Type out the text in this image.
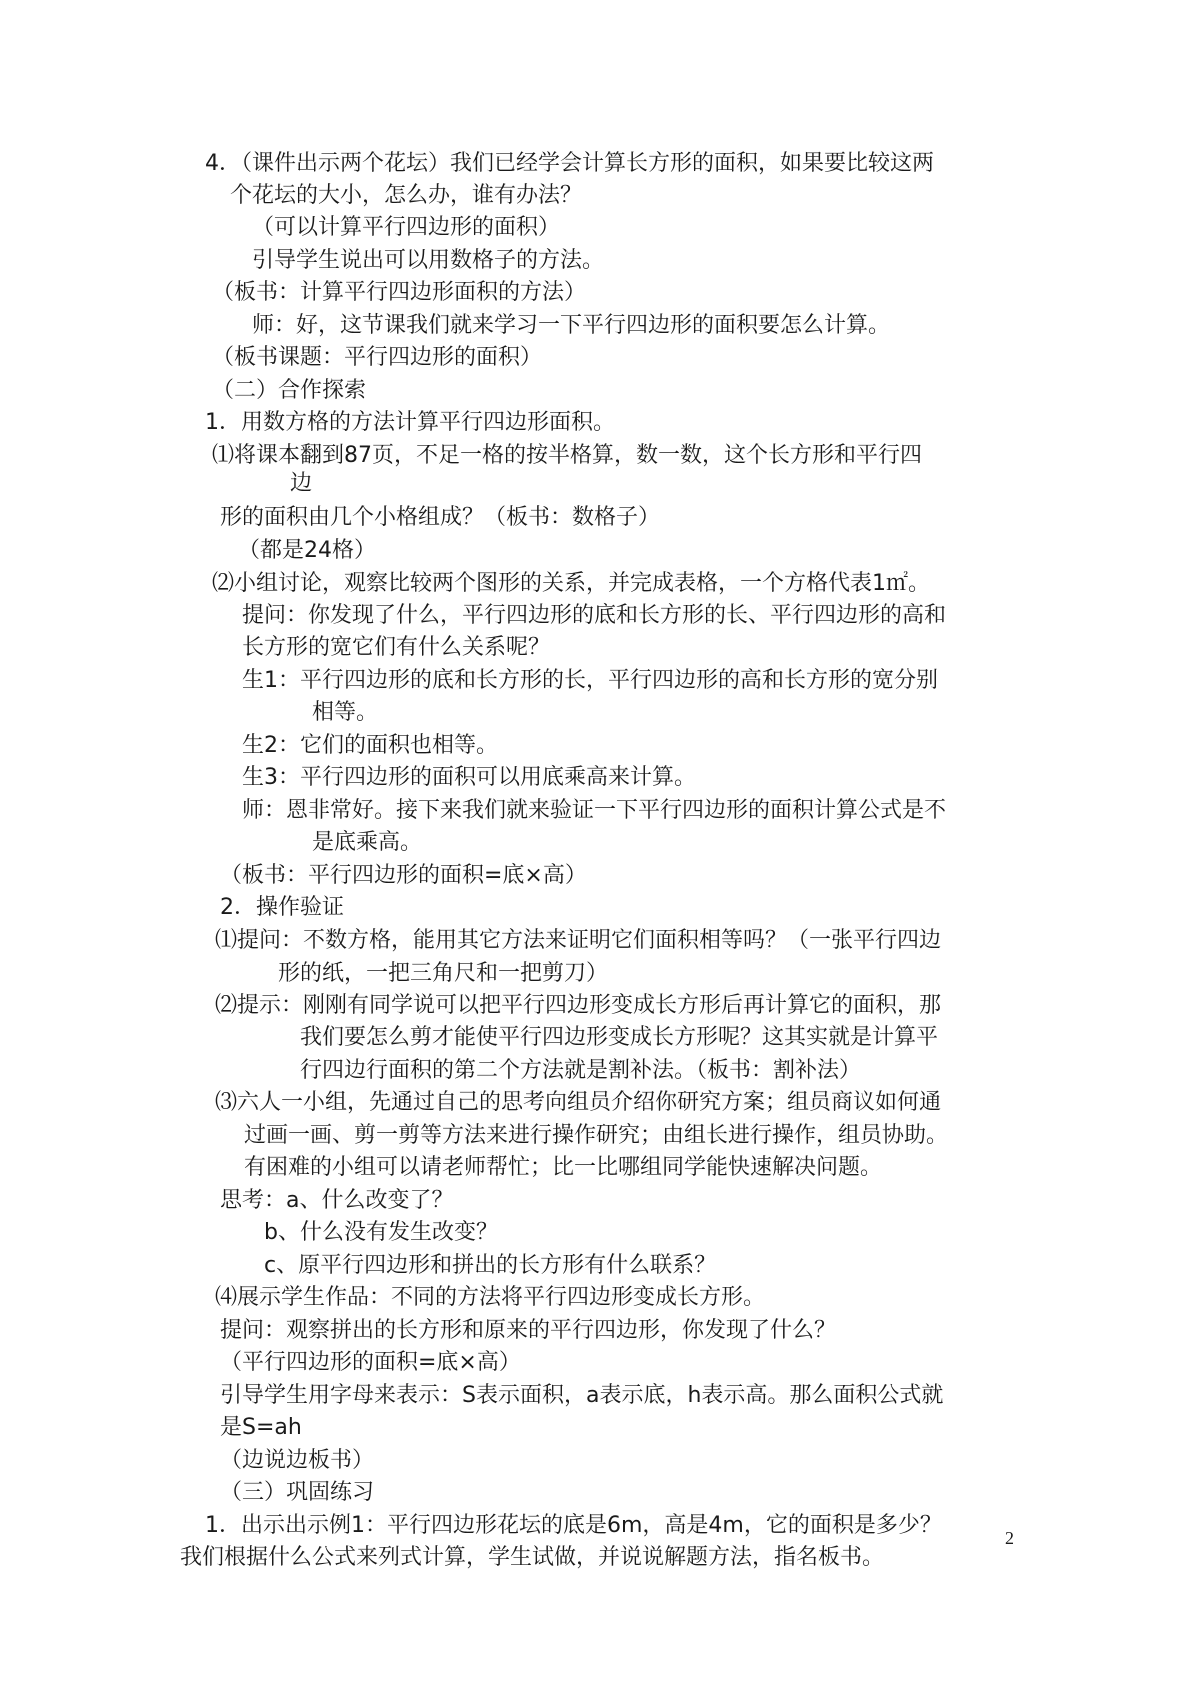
4．（课件出示两个花坛）我们已经学会计算长方形的面积，如果要比较这两
个花坛的大小，怎么办，谁有办法？
（可以计算平行四边形的面积）
引导学生说出可以用数格子的方法。
（板书：计算平行四边形面积的方法）
师：好，这节课我们就来学习一下平行四边形的面积要怎么计算。
（板书课题：平行四边形的面积）
（二）合作探索
1．用数方格的方法计算平行四边形面积。
⑴将课本翻到87页，不足一格的按半格算，数一数，这个长方形和平行四
边
形的面积由几个小格组成？（板书：数格子）
（都是24格）
⑵小组讨论，观察比较两个图形的关系，并完成表格，一个方格代表1㎡。
提问：你发现了什么，平行四边形的底和长方形的长、平行四边形的高和
长方形的宽它们有什么关系呢？
生1：平行四边形的底和长方形的长，平行四边形的高和长方形的宽分别
相等。
生2：它们的面积也相等。
生3：平行四边形的面积可以用底乘高来计算。
师：恩非常好。接下来我们就来验证一下平行四边形的面积计算公式是不
是底乘高。
（板书：平行四边形的面积=底×高）
2．操作验证
⑴提问：不数方格，能用其它方法来证明它们面积相等吗？（一张平行四边
形的纸，一把三角尺和一把剪刀）
⑵提示：刚刚有同学说可以把平行四边形变成长方形后再计算它的面积，那
我们要怎么剪才能使平行四边形变成长方形呢？这其实就是计算平
行四边行面积的第二个方法就是割补法。（板书：割补法）
⑶六人一小组，先通过自己的思考向组员介绍你研究方案；组员商议如何通
过画一画、剪一剪等方法来进行操作研究；由组长进行操作，组员协助。
有困难的小组可以请老师帮忙；比一比哪组同学能快速解决问题。
思考：a、什么改变了？
b、什么没有发生改变？
c、原平行四边形和拼出的长方形有什么联系？
⑷展示学生作品：不同的方法将平行四边形变成长方形。
提问：观察拼出的长方形和原来的平行四边形，你发现了什么？
（平行四边形的面积=底×高）
引导学生用字母来表示：S表示面积，a表示底，h表示高。那么面积公式就
是S=ah
（边说边板书）
（三）巩固练习
1．出示出示例1：平行四边形花坛的底是6m，高是4m，它的面积是多少？
我们根据什么公式来列式计算，学生试做，并说说解题方法，指名板书。
2
